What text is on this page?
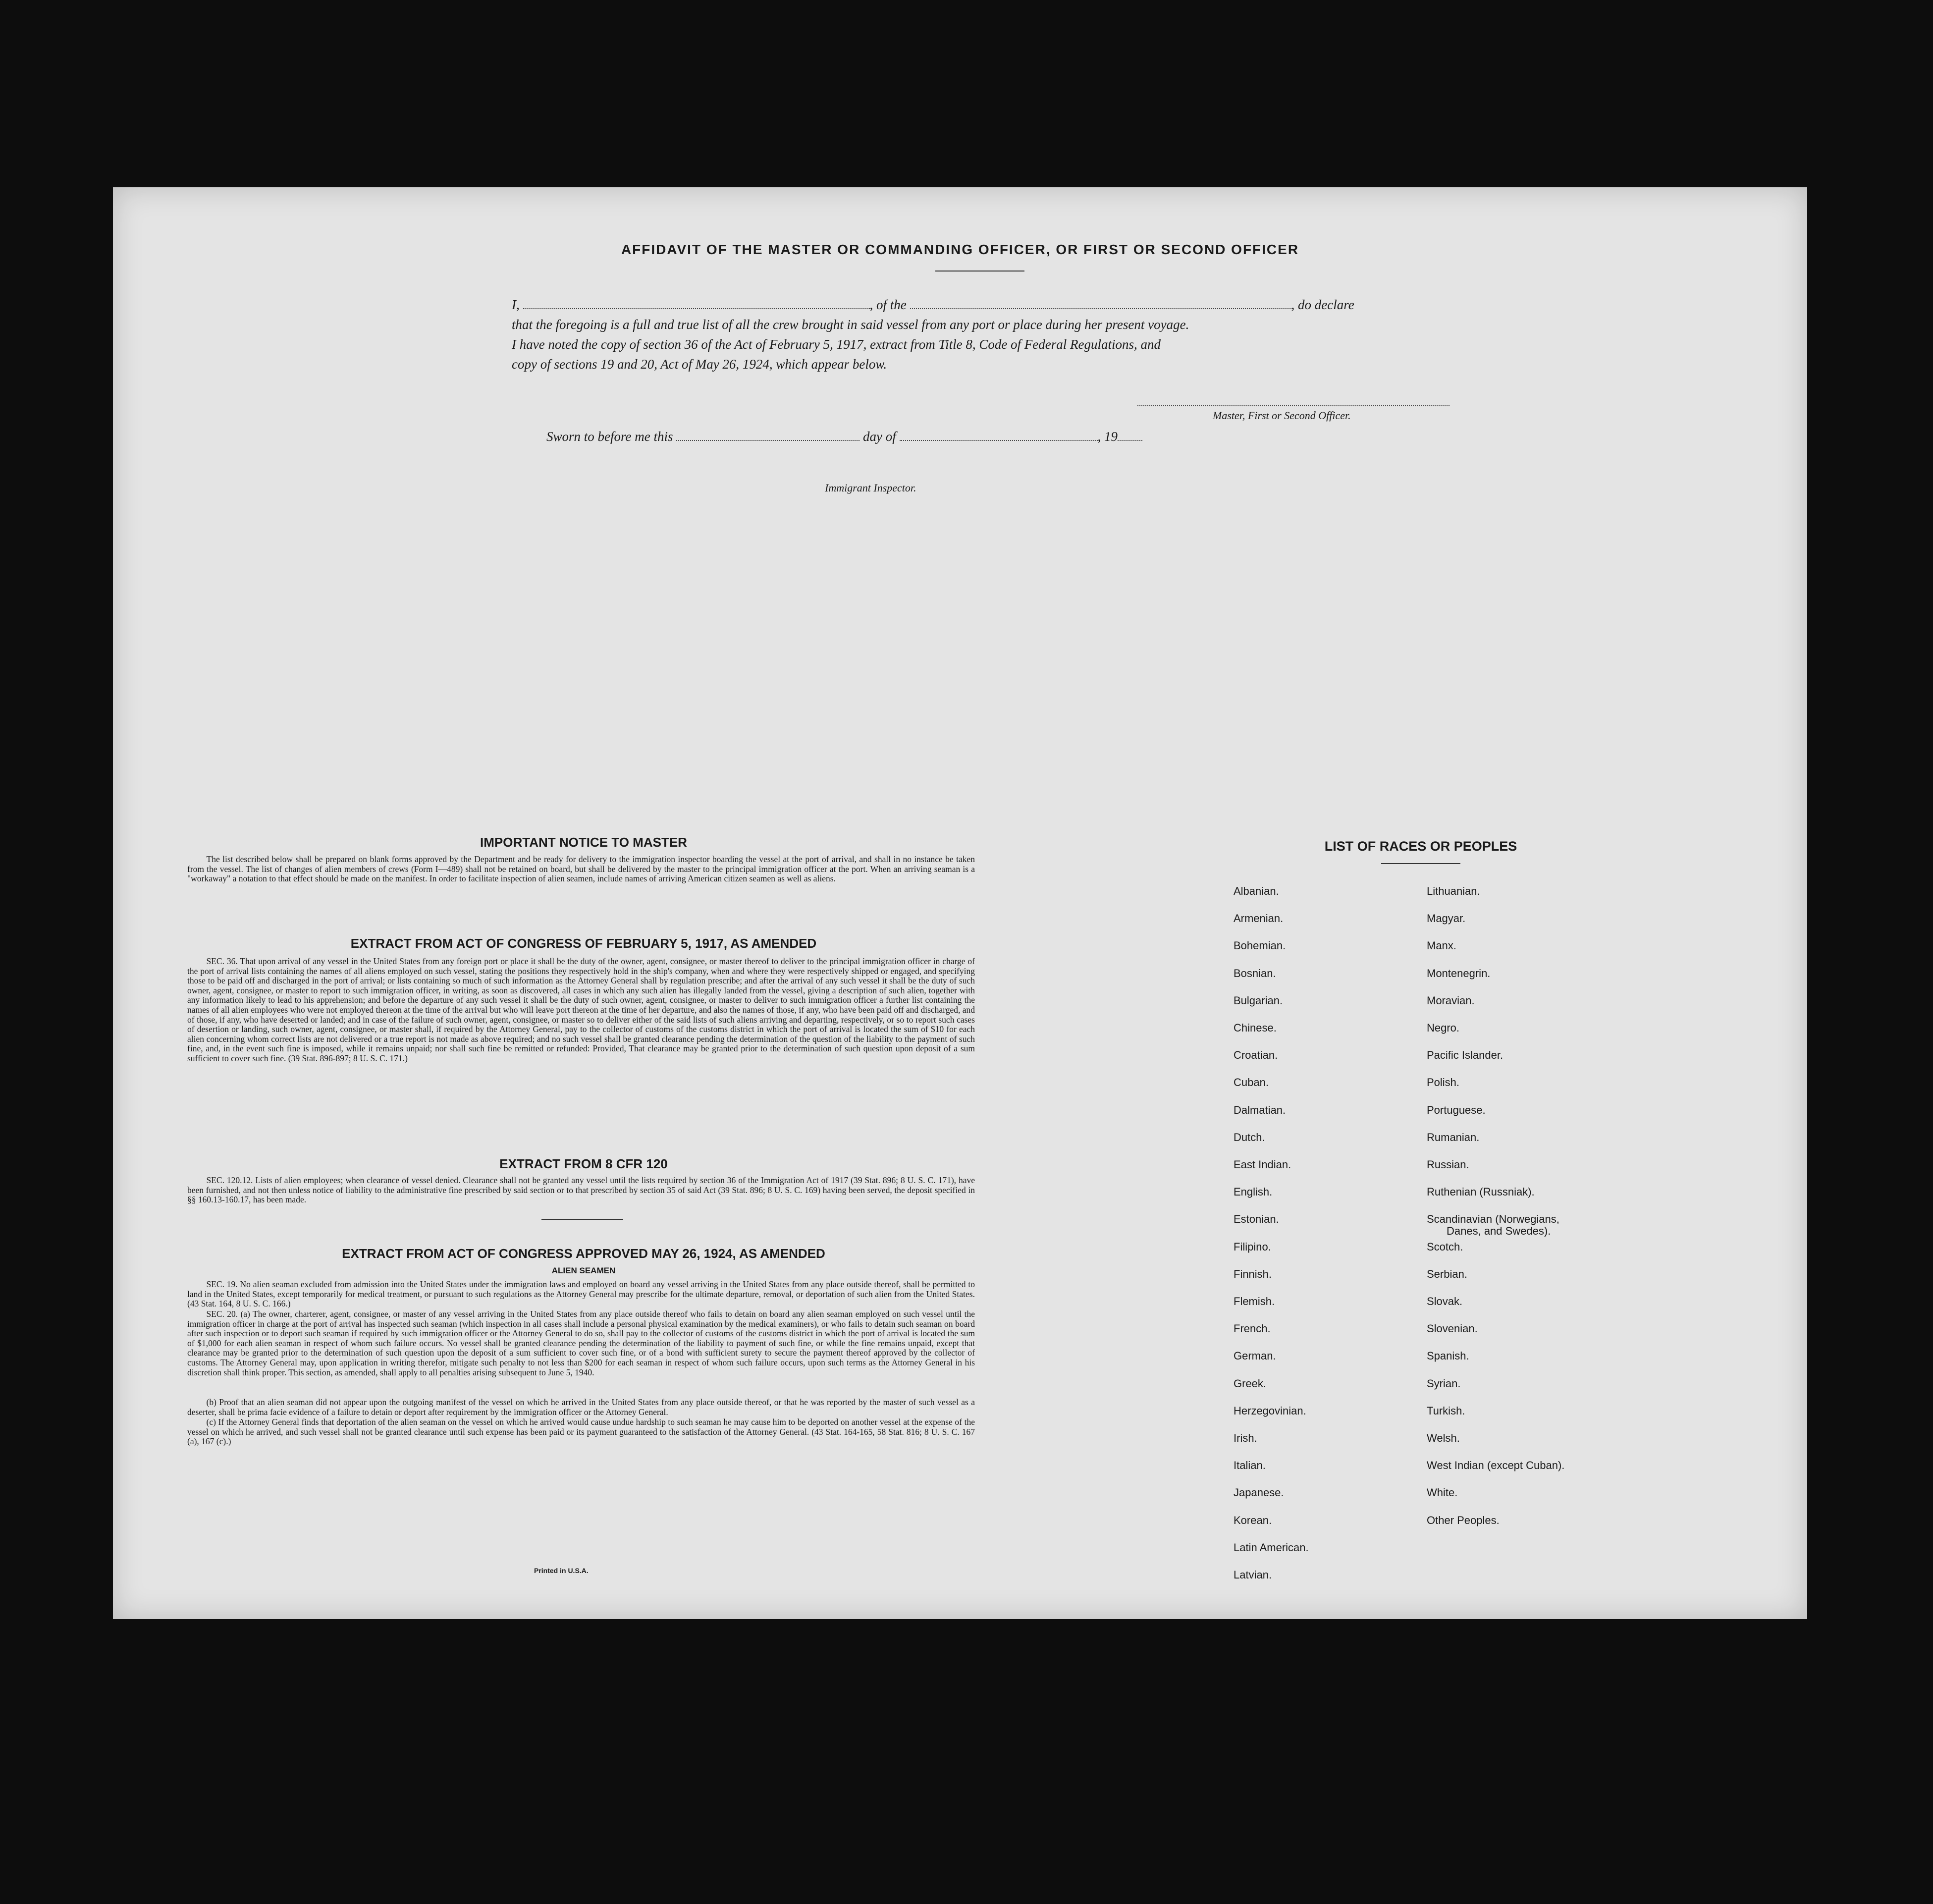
AFFIDAVIT OF THE MASTER OR COMMANDING OFFICER, OR FIRST OR SECOND OFFICER
I,	, of the	, do declare
that the foregoing is a full and true list of all the crew brought in said vessel from any port or place during her present voyage.
I have noted the copy of section 36 of the Act of February 5, 1917, extract from Title 8, Code of Federal Regulations, and
copy of sections 19 and 20, Act of May 26, 1924, which appear below.
Master, First or Second Officer.
Sworn to before me this	day of	, 19
Immigrant Inspector.
IMPORTANT NOTICE TO MASTER

The list described below shall be prepared on blank forms approved by the Department and be ready for delivery to the immigration inspector boarding the vessel at the port of arrival, and shall in no instance be taken from the vessel. The list of changes of alien members of crews (Form I—489) shall not be retained on board, but shall be delivered by the master to the principal immigration officer at the port. When an arriving seaman is a "workaway" a notation to that effect should be made on the manifest. In order to facilitate inspection of alien seamen, include names of arriving American citizen seamen as well as aliens.

EXTRACT FROM ACT OF CONGRESS OF FEBRUARY 5, 1917, AS AMENDED

SEC. 36. That upon arrival of any vessel in the United States from any foreign port or place it shall be the duty of the owner, agent, consignee, or master thereof to deliver to the principal immigration officer in charge of the port of arrival lists containing the names of all aliens employed on such vessel, stating the positions they respectively hold in the ship's company, when and where they were respectively shipped or engaged, and specifying those to be paid off and discharged in the port of arrival; or lists containing so much of such information as the Attorney General shall by regulation prescribe; and after the arrival of any such vessel it shall be the duty of such owner, agent, consignee, or master to report to such immigration officer, in writing, as soon as discovered, all cases in which any such alien has illegally landed from the vessel, giving a description of such alien, together with any information likely to lead to his apprehension; and before the departure of any such vessel it shall be the duty of such owner, agent, consignee, or master to deliver to such immigration officer a further list containing the names of all alien employees who were not employed thereon at the time of the arrival but who will leave port thereon at the time of her departure, and also the names of those, if any, who have been paid off and discharged, and of those, if any, who have deserted or landed; and in case of the failure of such owner, agent, consignee, or master so to deliver either of the said lists of such aliens arriving and departing, respectively, or so to report such cases of desertion or landing, such owner, agent, consignee, or master shall, if required by the Attorney General, pay to the collector of customs of the customs district in which the port of arrival is located the sum of $10 for each alien concerning whom correct lists are not delivered or a true report is not made as above required; and no such vessel shall be granted clearance pending the determination of the question of the liability to the payment of such fine, and, in the event such fine is imposed, while it remains unpaid; nor shall such fine be remitted or refunded: Provided, That clearance may be granted prior to the determination of such question upon deposit of a sum sufficient to cover such fine. (39 Stat. 896-897; 8 U. S. C. 171.)

EXTRACT FROM 8 CFR 120

SEC. 120.12. Lists of alien employees; when clearance of vessel denied. Clearance shall not be granted any vessel until the lists required by section 36 of the Immigration Act of 1917 (39 Stat. 896; 8 U. S. C. 171), have been furnished, and not then unless notice of liability to the administrative fine prescribed by said section or to that prescribed by section 35 of said Act (39 Stat. 896; 8 U. S. C. 169) having been served, the deposit specified in §§ 160.13-160.17, has been made.

EXTRACT FROM ACT OF CONGRESS APPROVED MAY 26, 1924, AS AMENDED
ALIEN SEAMEN

SEC. 19. No alien seaman excluded from admission into the United States under the immigration laws and employed on board any vessel arriving in the United States from any place outside thereof, shall be permitted to land in the United States, except temporarily for medical treatment, or pursuant to such regulations as the Attorney General may prescribe for the ultimate departure, removal, or deportation of such alien from the United States. (43 Stat. 164, 8 U. S. C. 166.)

SEC. 20. (a) The owner, charterer, agent, consignee, or master of any vessel arriving in the United States from any place outside thereof who fails to detain on board any alien seaman employed on such vessel until the immigration officer in charge at the port of arrival has inspected such seaman (which inspection in all cases shall include a personal physical examination by the medical examiners), or who fails to detain such seaman on board after such inspection or to deport such seaman if required by such immigration officer or the Attorney General to do so, shall pay to the collector of customs of the customs district in which the port of arrival is located the sum of $1,000 for each alien seaman in respect of whom such failure occurs. No vessel shall be granted clearance pending the determination of the liability to payment of such fine, or while the fine remains unpaid, except that clearance may be granted prior to the determination of such question upon the deposit of a sum sufficient to cover such fine, or of a bond with sufficient surety to secure the payment thereof approved by the collector of customs. The Attorney General may, upon application in writing therefor, mitigate such penalty to not less than $200 for each seaman in respect of whom such failure occurs, upon such terms as the Attorney General in his discretion shall think proper. This section, as amended, shall apply to all penalties arising subsequent to June 5, 1940.

(b) Proof that an alien seaman did not appear upon the outgoing manifest of the vessel on which he arrived in the United States from any place outside thereof, or that he was reported by the master of such vessel as a deserter, shall be prima facie evidence of a failure to detain or deport after requirement by the immigration officer or the Attorney General.

(c) If the Attorney General finds that deportation of the alien seaman on the vessel on which he arrived would cause undue hardship to such seaman he may cause him to be deported on another vessel at the expense of the vessel on which he arrived, and such vessel shall not be granted clearance until such expense has been paid or its payment guaranteed to the satisfaction of the Attorney General. (43 Stat. 164-165, 58 Stat. 816; 8 U. S. C. 167 (a), 167 (c).)

Printed in U.S.A.
LIST OF RACES OR PEOPLES
Albanian.
Armenian.
Bohemian.
Bosnian.
Bulgarian.
Chinese.
Croatian.
Cuban.
Dalmatian.
Dutch.
East Indian.
English.
Estonian.
Filipino.
Finnish.
Flemish.
French.
German.
Greek.
Herzegovinian.
Irish.
Italian.
Japanese.
Korean.
Latin American.
Latvian.
Lithuanian.
Magyar.
Manx.
Montenegrin.
Moravian.
Negro.
Pacific Islander.
Polish.
Portuguese.
Rumanian.
Russian.
Ruthenian (Russniak).
Scandinavian (Norwegians,
Danes, and Swedes).
Scotch.
Serbian.
Slovak.
Slovenian.
Spanish.
Syrian.
Turkish.
Welsh.
West Indian (except Cuban).
White.
Other Peoples.
